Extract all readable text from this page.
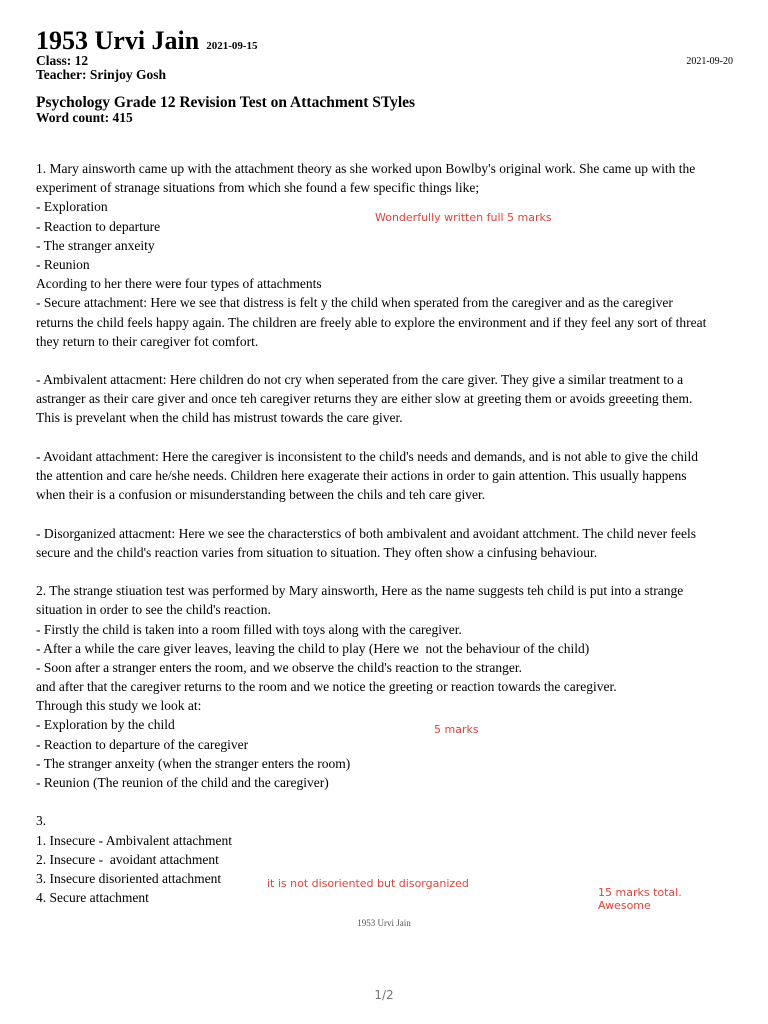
1953 Urvi Jain 2021-09-15
Class: 12
Teacher: Srinjoy Gosh
2021-09-20
Psychology Grade 12 Revision Test on Attachment STyles
Word count: 415
1. Mary ainsworth came up with the attachment theory as she worked upon Bowlby's original work. She came up with the
experiment of stranage situations from which she found a few specific things like;
- Exploration
- Reaction to departure
- The stranger anxeity
- Reunion
Acording to her there were four types of attachments
- Secure attachment: Here we see that distress is felt y the child when sperated from the caregiver and as the caregiver
returns the child feels happy again. The children are freely able to explore the environment and if they feel any sort of threat
they return to their caregiver fot comfort.
- Ambivalent attacment: Here children do not cry when seperated from the care giver. They give a similar treatment to a
astranger as their care giver and once teh caregiver returns they are either slow at greeting them or avoids greeeting them.
This is prevelant when the child has mistrust towards the care giver.
- Avoidant attachment: Here the caregiver is inconsistent to the child's needs and demands, and is not able to give the child
the attention and care he/she needs. Children here exagerate their actions in order to gain attention. This usually happens
when their is a confusion or misunderstanding between the chils and teh care giver.
- Disorganized attacment: Here we see the characterstics of both ambivalent and avoidant attchment. The child never feels
secure and the child's reaction varies from situation to situation. They often show a cinfusing behaviour.
2. The strange stiuation test was performed by Mary ainsworth, Here as the name suggests teh child is put into a strange
situation in order to see the child's reaction.
- Firstly the child is taken into a room filled with toys along with the caregiver.
- After a while the care giver leaves, leaving the child to play (Here we  not the behaviour of the child)
- Soon after a stranger enters the room, and we observe the child's reaction to the stranger.
and after that the caregiver returns to the room and we notice the greeting or reaction towards the caregiver.
Through this study we look at:
- Exploration by the child
- Reaction to departure of the caregiver
- The stranger anxeity (when the stranger enters the room)
- Reunion (The reunion of the child and the caregiver)
3.
1. Insecure - Ambivalent attachment
2. Insecure -  avoidant attachment
3. Insecure disoriented attachment
4. Secure attachment
Wonderfully written full 5 marks
5 marks
it is not disoriented but disorganized
15 marks total.
Awesome
1953 Urvi Jain
1/2
